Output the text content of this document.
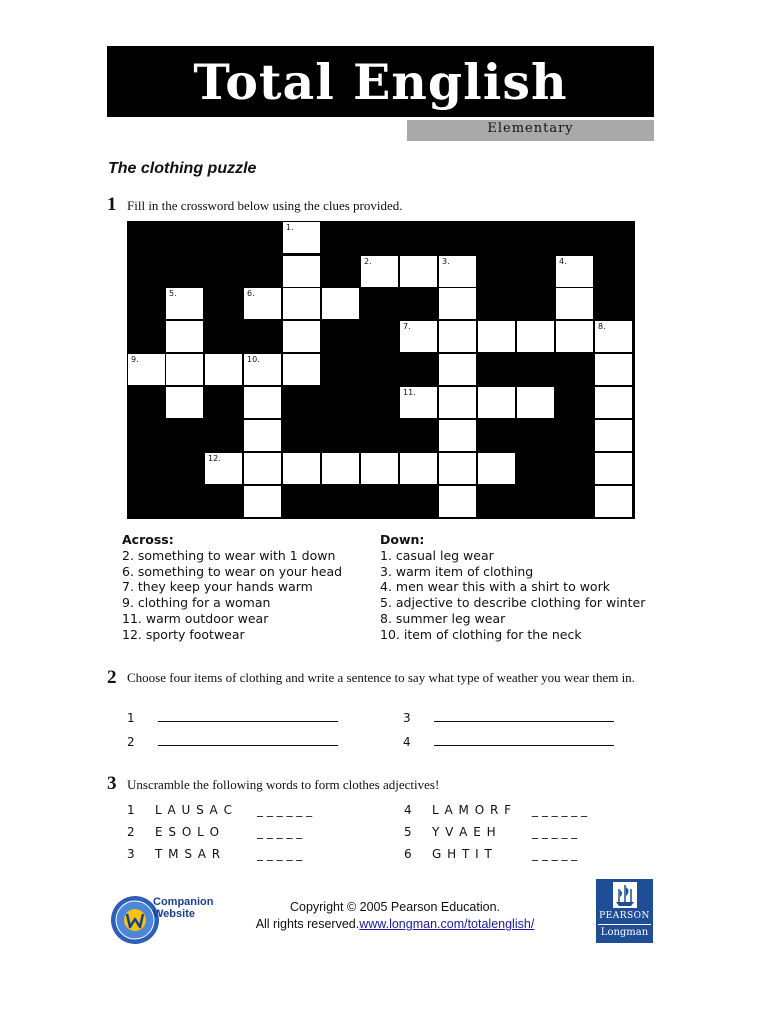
Total English
Elementary
The clothing puzzle
1 Fill in the crossword below using the clues provided.
1.
2.	3.	4.
5.	6.
7.	8.
9.	10.
11.
12.
Across:
2. something to wear with 1 down
6. something to wear on your head
7. they keep your hands warm
9. clothing for a woman
11. warm outdoor wear
12. sporty footwear
Down:
1. casual leg wear
3. warm item of clothing
4. men wear this with a shirt to work
5. adjective to describe clothing for winter
8. summer leg wear
10. item of clothing for the neck
2 Choose four items of clothing and write a sentence to say what type of weather you wear them in.
1	3
2	4
3 Unscramble the following words to form clothes adjectives!
1 L A U S A C _ _ _ _ _ _
2 E S O L O	_ _ _ _ _
3 T M S A R	_ _ _ _ _
4 L A M O R F _ _ _ _ _ _
5 Y V A E H	_ _ _ _ _
6 G H T I T	_ _ _ _ _
Companion
Website	Copyright © 2005 Pearson Education.
All rights reserved.www.longman.com/totalenglish/
PEARSON
Longman
